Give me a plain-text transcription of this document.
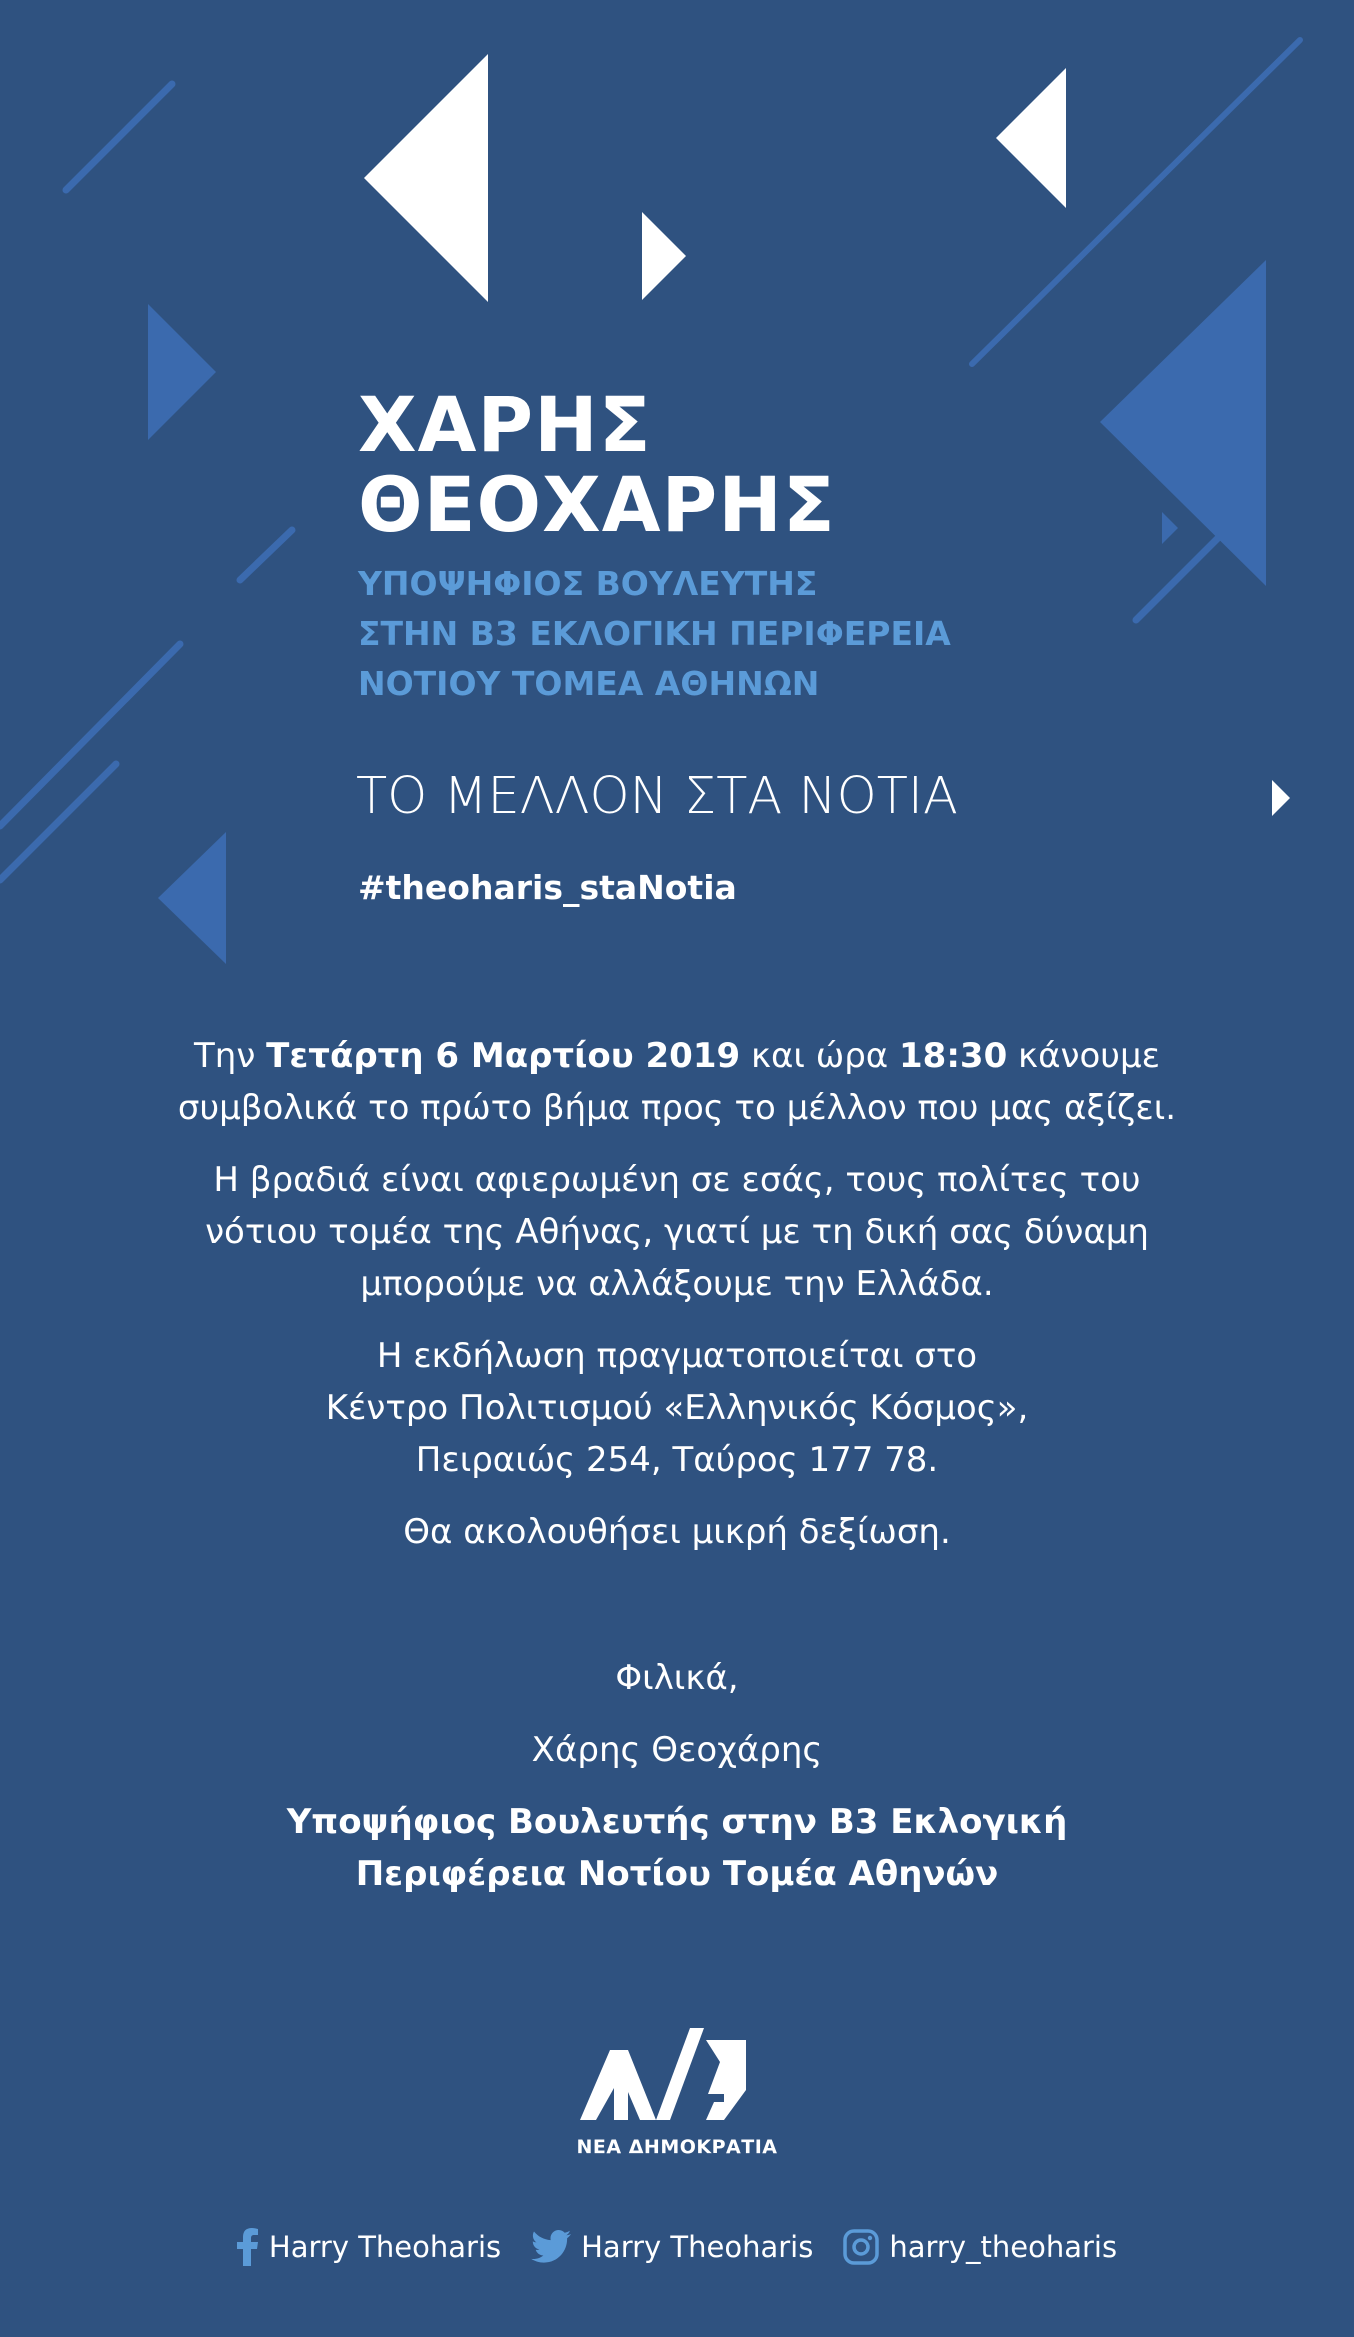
ΧΑΡΗΣ
ΘΕΟΧΑΡΗΣ
ΥΠΟΨΗΦΙΟΣ ΒΟΥΛΕΥΤΗΣ
ΣΤΗΝ Β3 ΕΚΛΟΓΙΚΗ ΠΕΡΙΦΕΡΕΙΑ
ΝΟΤΙΟΥ ΤΟΜΕΑ ΑΘΗΝΩΝ
ΤΟ ΜΕΛΛΟΝ ΣΤΑ ΝΟΤΙΑ
#theoharis_staNotia

Την Τετάρτη 6 Μαρτίου 2019 και ώρα 18:30 κάνουμε
συμβολικά το πρώτο βήμα προς το μέλλον που μας αξίζει.

Η βραδιά είναι αφιερωμένη σε εσάς, τους πολίτες του
νότιου τομέα της Αθήνας, γιατί με τη δική σας δύναμη
μπορούμε να αλλάξουμε την Ελλάδα.

Η εκδήλωση πραγματοποιείται στο
Κέντρο Πολιτισμού «Ελληνικός Κόσμος»,
Πειραιώς 254, Ταύρος 177 78.

Θα ακολουθήσει μικρή δεξίωση.

Φιλικά,

Χάρης Θεοχάρης

Υποψήφιος Βουλευτής στην Β3 Εκλογική
Περιφέρεια Νοτίου Τομέα Αθηνών
ΝΕΑ ΔΗΜΟΚΡΑΤΙΑ
Harry Theoharis	Harry Theoharis	harry_theoharis
